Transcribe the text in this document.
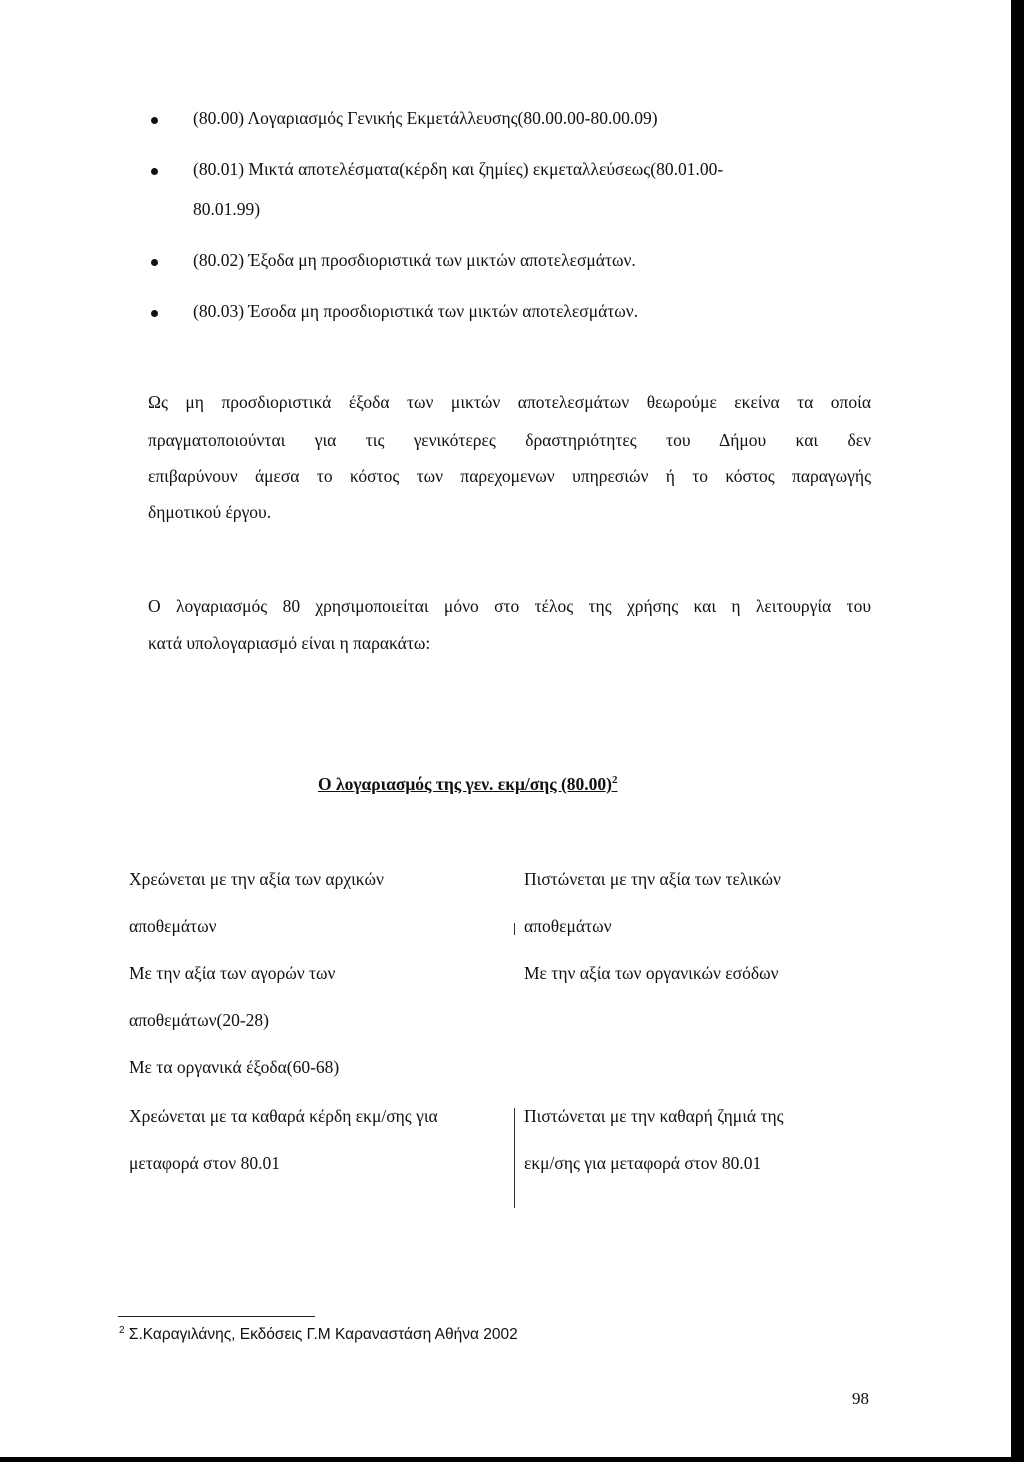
(80.00) Λογαριασμός Γενικής Εκμετάλλευσης(80.00.00-80.00.09)
(80.01) Μικτά αποτελέσματα(κέρδη και ζημίες) εκμεταλλεύσεως(80.01.00-
80.01.99)
(80.02) Έξοδα μη προσδιοριστικά των μικτών αποτελεσμάτων.
(80.03) Έσοδα μη προσδιοριστικά των μικτών αποτελεσμάτων.
Ως μη προσδιοριστικά έξοδα των μικτών αποτελεσμάτων θεωρούμε εκείνα τα οποία
πραγματοποιούνται για τις γενικότερες δραστηριότητες του Δήμου και δεν
επιβαρύνουν άμεσα το κόστος των παρεχομενων υπηρεσιών ή το κόστος παραγωγής
δημοτικού έργου.
Ο λογαριασμός 80 χρησιμοποιείται μόνο στο τέλος της χρήσης και η λειτουργία του
κατά υπολογαριασμό είναι η παρακάτω:
Ο λογαριασμός της γεν. εκμ/σης $(80.00)^2$
Χρεώνεται με την αξία των αρχικών
αποθεμάτων
Με την αξία των αγορών των
αποθεμάτων(20-28)
Με τα οργανικά έξοδα(60-68)
Χρεώνεται με τα καθαρά κέρδη εκμ/σης για
μεταφορά στον 80.01
Πιστώνεται με την αξία των τελικών
αποθεμάτων
Με την αξία των οργανικών εσόδων
Πιστώνεται με την καθαρή ζημιά της
εκμ/σης για μεταφορά στον 80.01
$^2$ Σ.Καραγιλάνης, Εκδόσεις Γ.Μ Καραναστάση Αθήνα 2002
98
